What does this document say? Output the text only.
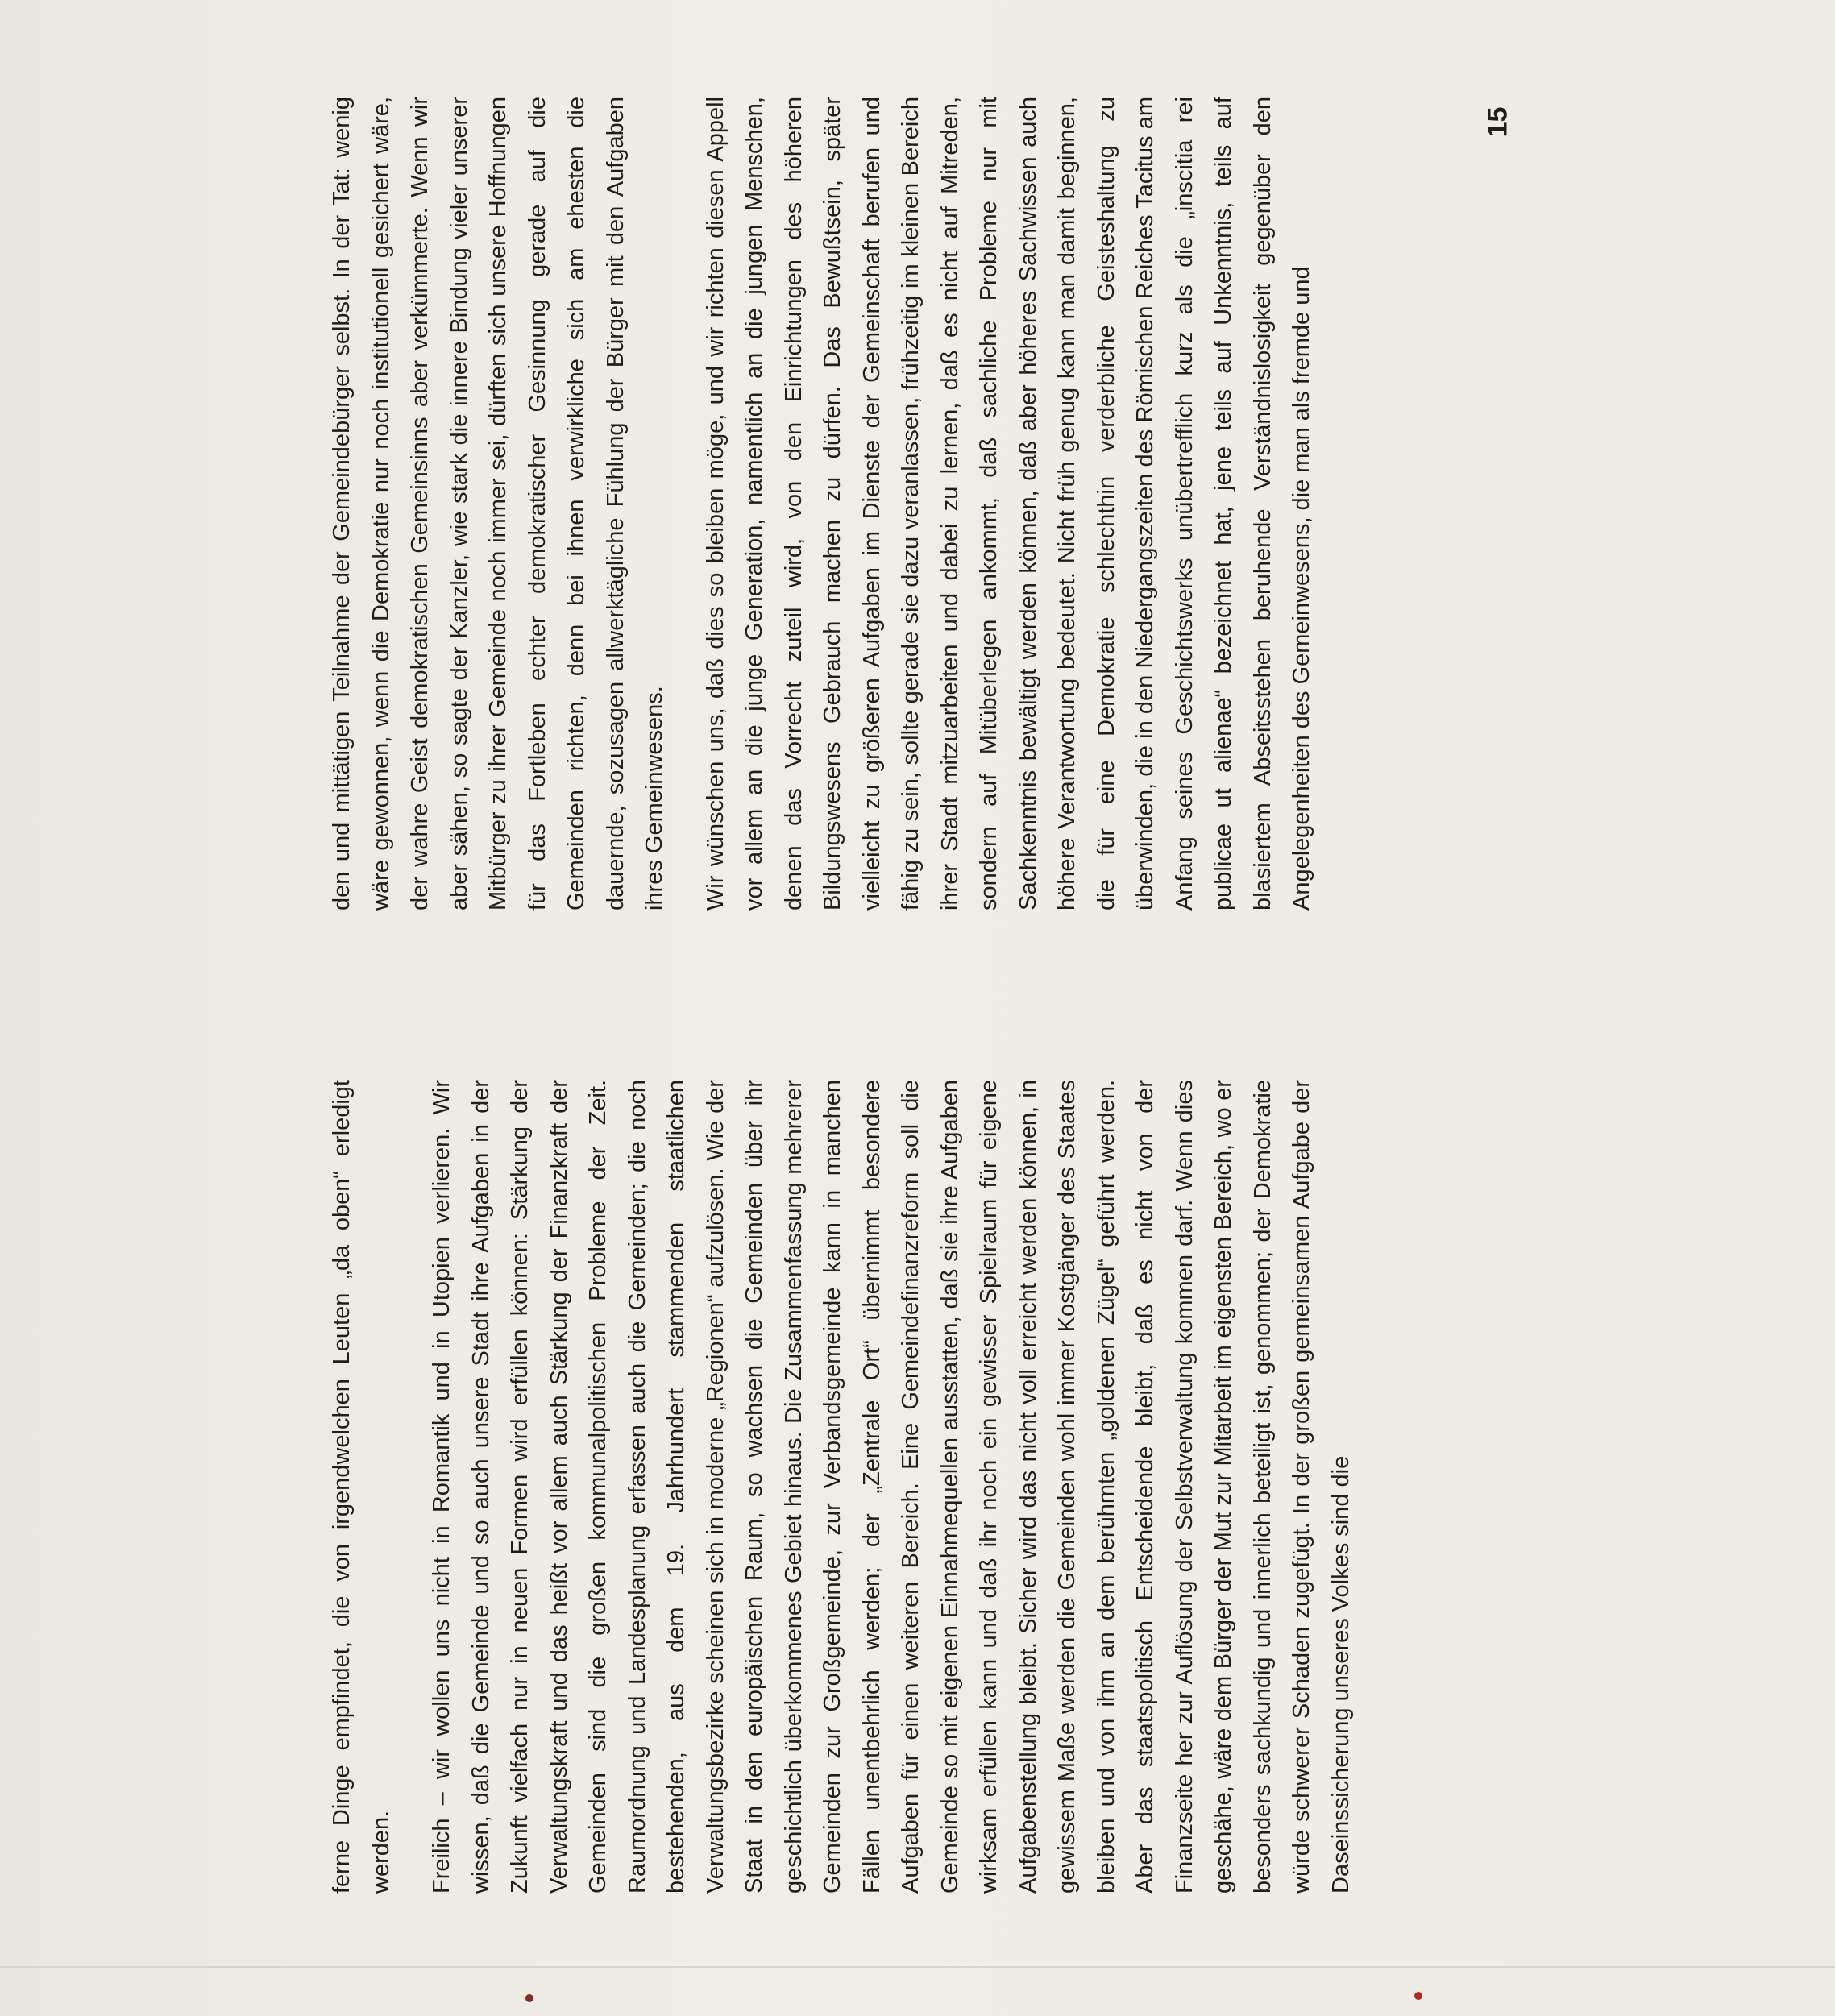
ferne Dinge empfindet, die von irgendwelchen Leuten „da oben“ erledigt werden. Freilich – wir wollen uns nicht in Romantik und in Utopien verlieren. Wir wissen, daß die Gemeinde und so auch unsere Stadt ihre Aufgaben in der Zukunft vielfach nur in neuen Formen wird erfüllen können: Stärkung der Verwaltungskraft und das heißt vor allem auch Stärkung der Finanzkraft der Gemeinden sind die großen kommunalpolitischen Probleme der Zeit. Raumordnung und Landesplanung erfassen auch die Gemeinden; die noch bestehenden, aus dem 19. Jahrhundert stammenden staatlichen Verwaltungsbezirke scheinen sich in moderne „Regionen“ aufzulösen. Wie der Staat in den europäischen Raum, so wachsen die Gemeinden über ihr geschichtlich überkommenes Gebiet hinaus. Die Zusammenfassung mehrerer Gemeinden zur Großgemeinde, zur Verbandsgemeinde kann in manchen Fällen unentbehrlich werden; der „Zentrale Ort“ übernimmt besondere Aufgaben für einen weiteren Bereich. Eine Gemeindefinanzreform soll die Gemeinde so mit eigenen Einnahmequellen ausstatten, daß sie ihre Aufgaben wirksam erfüllen kann und daß ihr noch ein gewisser Spielraum für eigene Aufgabenstellung bleibt. Sicher wird das nicht voll erreicht werden können, in gewissem Maße werden die Gemeinden wohl immer Kostgänger des Staates bleiben und von ihm an dem berühmten „goldenen Zügel“ geführt werden. Aber das staatspolitisch Entscheidende bleibt, daß es nicht von der Finanzseite her zur Auflösung der Selbstverwaltung kommen darf. Wenn dies geschähe, wäre dem Bürger der Mut zur Mitarbeit im eigensten Bereich, wo er besonders sachkundig und innerlich beteiligt ist, genommen; der Demokratie würde schwerer Schaden zugefügt. In der großen gemeinsamen Aufgabe der Daseinssicherung unseres Volkes sind die

den und mittätigen Teilnahme der Gemeindebürger selbst. In der Tat: wenig wäre gewonnen, wenn die Demokratie nur noch institutionell gesichert wäre, der wahre Geist demokratischen Gemeinsinns aber verkümmerte. Wenn wir aber sähen, so sagte der Kanzler, wie stark die innere Bindung vieler unserer Mitbürger zu ihrer Gemeinde noch immer sei, dürften sich unsere Hoffnungen für das Fortleben echter demokratischer Gesinnung gerade auf die Gemeinden richten, denn bei ihnen verwirkliche sich am ehesten die dauernde, sozusagen allwerktägliche Fühlung der Bürger mit den Aufgaben ihres Gemeinwesens. Wir wünschen uns, daß dies so bleiben möge, und wir richten diesen Appell vor allem an die junge Generation, namentlich an die jungen Menschen, denen das Vorrecht zuteil wird, von den Einrichtungen des höheren Bildungswesens Gebrauch machen zu dürfen. Das Bewußtsein, später vielleicht zu größeren Aufgaben im Dienste der Gemeinschaft berufen und fähig zu sein, sollte gerade sie dazu veranlassen, frühzeitig im kleinen Bereich ihrer Stadt mitzuarbeiten und dabei zu lernen, daß es nicht auf Mitreden, sondern auf Mitüberlegen ankommt, daß sachliche Probleme nur mit Sachkenntnis bewältigt werden können, daß aber höheres Sachwissen auch höhere Verantwortung bedeutet. Nicht früh genug kann man damit beginnen, die für eine Demokratie schlechthin verderbliche Geisteshaltung zu überwinden, die in den Niedergangszeiten des Römischen Reiches Tacitus am Anfang seines Geschichtswerks unübertrefflich kurz als die „inscitia rei publicae ut alienae“ bezeichnet hat, jene teils auf Unkenntnis, teils auf blasiertem Abseitsstehen beruhende Verständnislosigkeit gegenüber den Angelegenheiten des Gemeinwesens, die man als fremde und

15
